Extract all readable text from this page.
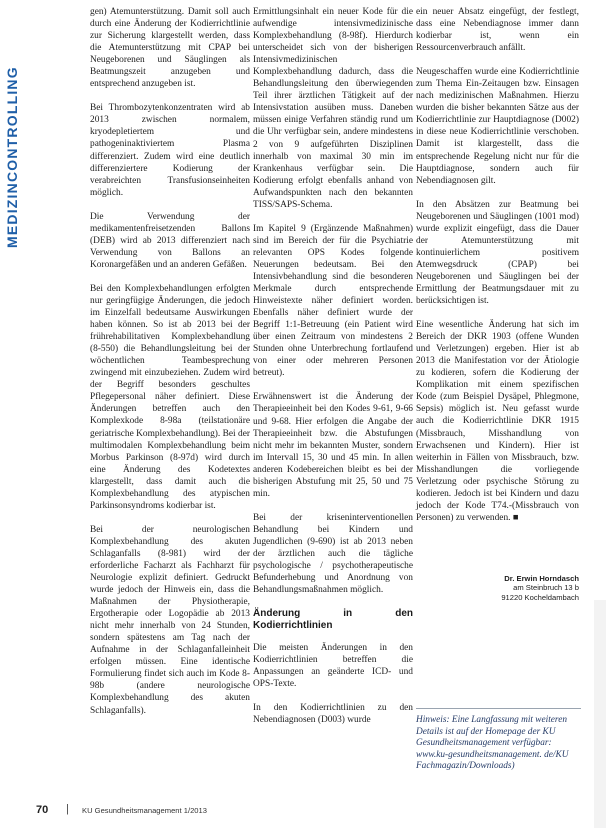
MEDIZINCONTROLLING

gen) Atemunterstützung. Damit soll auch durch eine Änderung der Kodierrichtlinie zur Sicherung klargestellt werden, dass die Atemunterstützung mit CPAP bei Neugeborenen und Säuglingen als Beatmungszeit anzugeben und entsprechend anzugeben ist.

Bei Thrombozytenkonzentraten wird ab 2013 zwischen normalem, kryodepletiertem und pathogeninaktiviertem Plasma differenziert. Zudem wird eine deutlich differenziertere Kodierung der verabreichten Transfusionseinheiten möglich.

Die Verwendung der medikamentenfreisetzenden Ballons (DEB) wird ab 2013 differenziert nach Verwendung von Ballons an Koronargefäßen und an anderen Gefäßen.

Bei den Komplexbehandlungen erfolgten nur geringfügige Änderungen, die jedoch im Einzelfall bedeutsame Auswirkungen haben können. So ist ab 2013 bei der frührehabilitativen Komplexbehandlung (8-550) die Behandlungsleitung bei der wöchentlichen Teambesprechung zwingend mit einzubeziehen. Zudem wird der Begriff besonders geschultes Pflegepersonal näher definiert. Diese Änderungen betreffen auch den Komplexkode 8-98a (teilstationäre geriatrische Komplexbehandlung). Bei der multimodalen Komplexbehandlung beim Morbus Parkinson (8-97d) wird durch eine Änderung des Kodetextes klargestellt, dass damit auch die Komplexbehandlung des atypischen Parkinsonsyndroms kodierbar ist.

Bei der neurologischen Komplexbehandlung des akuten Schlaganfalls (8-981) wird der erforderliche Facharzt als Fachharzt für Neurologie explizit definiert. Gedruckt wurde jedoch der Hinweis ein, dass die Maßnahmen der Physiotherapie, Ergotherapie oder Logopädie ab 2013 nicht mehr innerhalb von 24 Stunden, sondern spätestens am Tag nach der Aufnahme in der Schlaganfalleinheit erfolgen müssen. Eine identische Formulierung findet sich auch im Kode 8-98b (andere neurologische Komplexbehandlung des akuten Schlaganfalls).

Ermittlungsinhalt ein neuer Kode für die aufwendige intensivmedizinische Komplexbehandlung (8-98f). Hierdurch unterscheidet sich von der bisherigen Intensivmedizinischen Komplexbehandlung dadurch, dass die Behandlungsleitung den überwiegenden Teil ihrer ärztlichen Tätigkeit auf der Intensivstation ausüben muss. Daneben müssen einige Verfahren ständig rund um die Uhr verfügbar sein, andere mindestens 2 von 9 aufgeführten Disziplinen innerhalb von maximal 30 min im Krankenhaus verfügbar sein. Die Kodierung erfolgt ebenfalls anhand von Aufwandspunkten nach den bekannten TISS/SAPS-Schema.

Im Kapitel 9 (Ergänzende Maßnahmen) sind im Bereich der für die Psychiatrie relevanten OPS Kodes folgende Neuerungen bedeutsam. Bei den Intensivbehandlung sind die besonderen Merkmale durch entsprechende Hinweistexte näher definiert worden. Ebenfalls näher definiert wurde der Begriff 1:1-Betreuung (ein Patient wird über einen Zeitraum von mindestens 2 Stunden ohne Unterbrechung fortlaufend von einer oder mehreren Personen betreut).

Erwähnenswert ist die Änderung der Therapieeinheit bei den Kodes 9-61, 9-66 und 9-68. Hier erfolgen die Angabe der Therapieeinheit bzw. die Abstufungen nicht mehr im bekannten Muster, sondern im Intervall 15, 30 und 45 min. In allen anderen Kodebereichen bleibt es bei der bisherigen Abstufung mit 25, 50 und 75 min.

Bei der kriseninterventionellen Behandlung bei Kindern und Jugendlichen (9-690) ist ab 2013 neben der ärztlichen auch die tägliche psychologische / psychotherapeutische Befunderhebung und Anordnung von Behandlungsmaßnahmen möglich.

Änderung in den Kodierrichtlinien

Die meisten Änderungen in den Kodierrichtlinien betreffen die Anpassungen an geänderte ICD- und OPS-Texte.

In den Kodierrichtlinien zu den Nebendiagnosen (D003) wurde

ein neuer Absatz eingefügt, der festlegt, dass eine Nebendiagnose immer dann kodierbar ist, wenn ein Ressourcenverbrauch anfällt.

Neugeschaffen wurde eine Kodierrichtlinie zum Thema Ein-Zeitaugen bzw. Einsagen nach medizinischen Maßnahmen. Hierzu wurden die bisher bekannten Sätze aus der Kodierrichtlinie zur Hauptdiagnose (D002) in diese neue Kodierrichtlinie verschoben. Damit ist klargestellt, dass die entsprechende Regelung nicht nur für die Hauptdiagnose, sondern auch für Nebendiagnosen gilt.

In den Absätzen zur Beatmung bei Neugeborenen und Säuglingen (1001 mod) wurde explizit eingefügt, dass die Dauer der Atemunterstützung mit kontinuierlichem positivem Atemwegsdruck (CPAP) bei Neugeborenen und Säuglingen bei der Ermittlung der Beatmungsdauer mit zu berücksichtigen ist.

Eine wesentliche Änderung hat sich im Bereich der DKR 1903 (offene Wunden und Verletzungen) ergeben. Hier ist ab 2013 die Manifestation vor der Ätiologie zu kodieren, sofern die Kodierung der Komplikation mit einem spezifischen Kode (zum Beispiel Dysäpel, Phlegmone, Sepsis) möglich ist. Neu gefasst wurde auch die Kodierrichtlinie DKR 1915 (Missbrauch, Misshandlung von Erwachsenen und Kindern). Hier ist weiterhin in Fällen von Missbrauch, bzw. Misshandlungen die vorliegende Verletzung oder psychische Störung zu kodieren. Jedoch ist bei Kindern und dazu jedoch der Kode T74.-(Missbrauch von Personen) zu verwenden. ■

Dr. Erwin Horndasch
am Steinbruch 13 b
91220 Kocheldambach
Hinweis: Eine Langfassung mit weiteren Details ist auf der Homepage der KU Gesundheitsmanagement verfügbar: www.ku-gesundheitsmanagement. de/KU Fachmagazin/Downloads)
70 | KU Gesundheitsmanagement 1/2013
